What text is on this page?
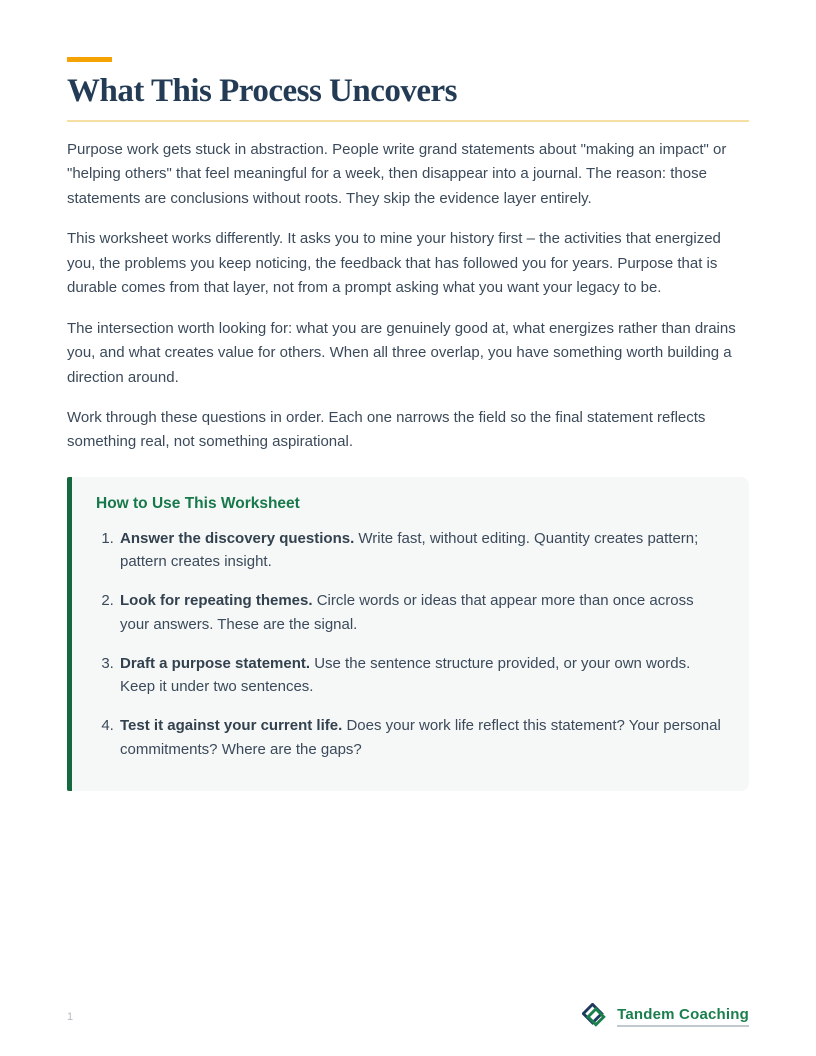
What This Process Uncovers

Purpose work gets stuck in abstraction. People write grand statements about "making an impact" or "helping others" that feel meaningful for a week, then disappear into a journal. The reason: those statements are conclusions without roots. They skip the evidence layer entirely.

This worksheet works differently. It asks you to mine your history first – the activities that energized you, the problems you keep noticing, the feedback that has followed you for years. Purpose that is durable comes from that layer, not from a prompt asking what you want your legacy to be.

The intersection worth looking for: what you are genuinely good at, what energizes rather than drains you, and what creates value for others. When all three overlap, you have something worth building a direction around.

Work through these questions in order. Each one narrows the field so the final statement reflects something real, not something aspirational.

How to Use This Worksheet
1. Answer the discovery questions. Write fast, without editing. Quantity creates pattern; pattern creates insight.
2. Look for repeating themes. Circle words or ideas that appear more than once across your answers. These are the signal.
3. Draft a purpose statement. Use the sentence structure provided, or your own words. Keep it under two sentences.
4. Test it against your current life. Does your work life reflect this statement? Your personal commitments? Where are the gaps?
1	Tandem Coaching
